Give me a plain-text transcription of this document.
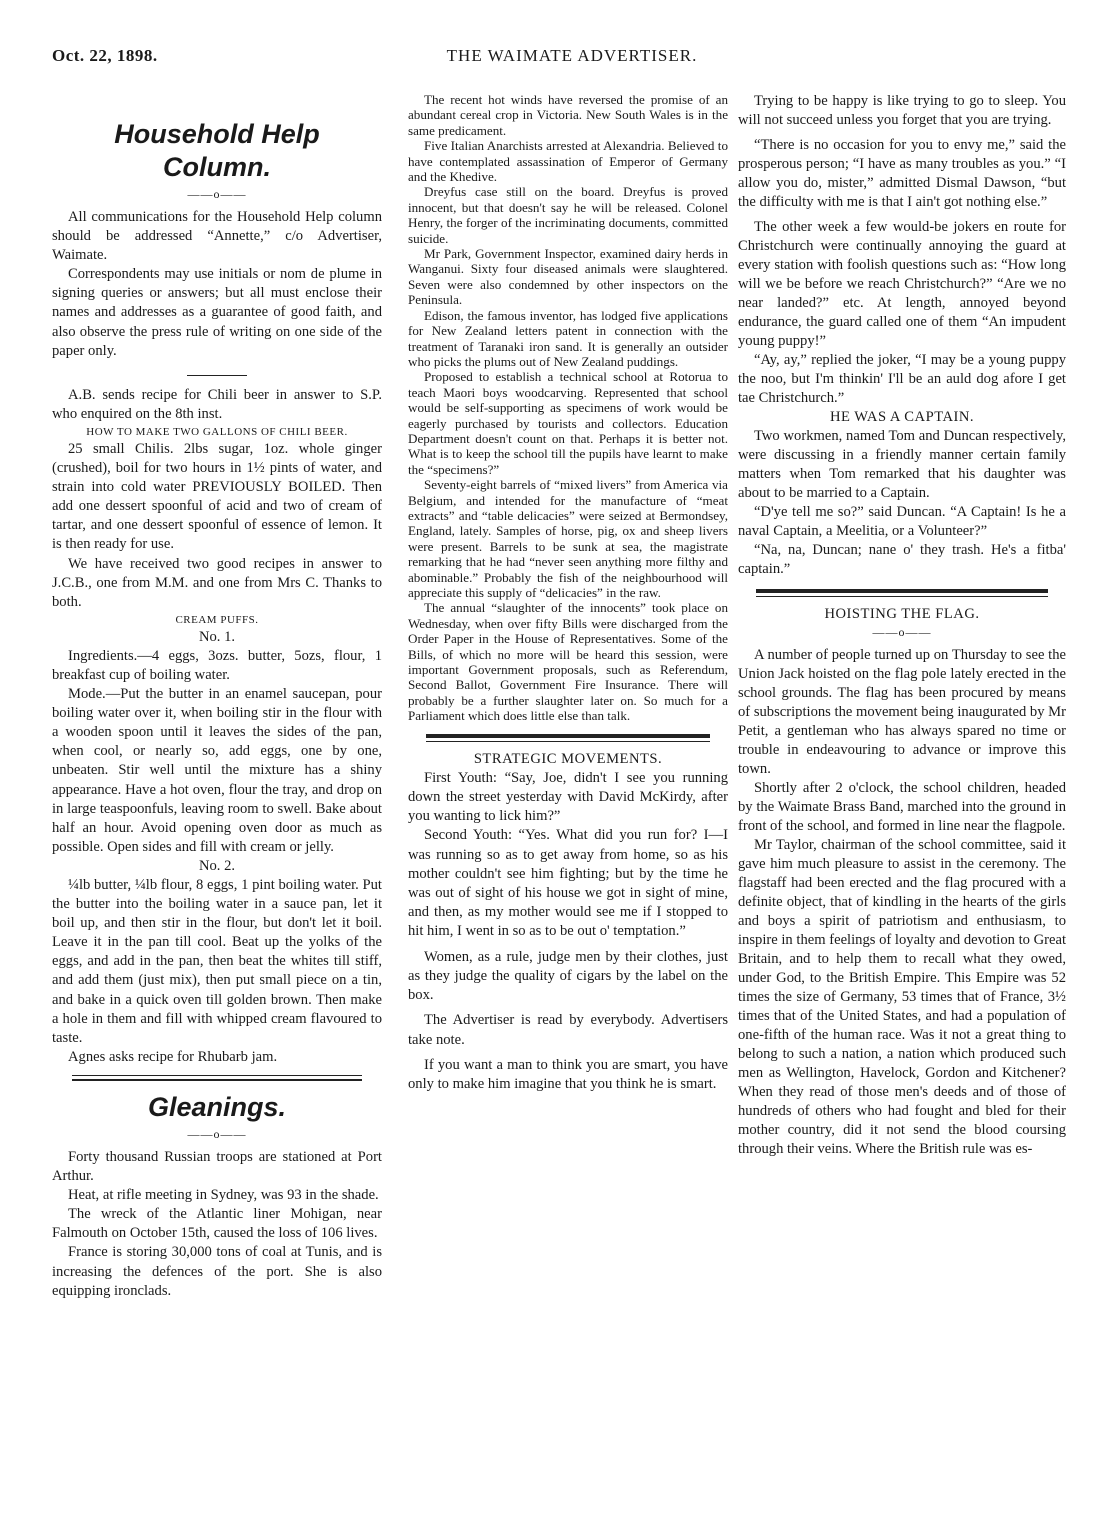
Oct. 22, 1898.	THE WAIMATE ADVERTISER.

Household Help

Column.

——o——

All communications for the Household Help column should be addressed “Annette,” c/o Advertiser, Waimate.

Correspondents may use initials or nom de plume in signing queries or answers; but all must enclose their names and addresses as a guarantee of good faith, and also observe the press rule of writing on one side of the paper only.

A.B. sends recipe for Chili beer in answer to S.P. who enquired on the 8th inst.

HOW TO MAKE TWO GALLONS OF CHILI BEER.

25 small Chilis. 2lbs sugar, 1oz. whole ginger (crushed), boil for two hours in 1½ pints of water, and strain into cold water PREVIOUSLY BOILED. Then add one dessert spoonful of acid and two of cream of tartar, and one dessert spoonful of essence of lemon. It is then ready for use.

We have received two good recipes in answer to J.C.B., one from M.M. and one from Mrs C. Thanks to both.

CREAM PUFFS.

No. 1.

Ingredients.—4 eggs, 3ozs. butter, 5ozs, flour, 1 breakfast cup of boiling water.

Mode.—Put the butter in an enamel saucepan, pour boiling water over it, when boiling stir in the flour with a wooden spoon until it leaves the sides of the pan, when cool, or nearly so, add eggs, one by one, unbeaten. Stir well until the mixture has a shiny appearance. Have a hot oven, flour the tray, and drop on in large teaspoonfuls, leaving room to swell. Bake about half an hour. Avoid opening oven door as much as possible. Open sides and fill with cream or jelly.

No. 2.

¼lb butter, ¼lb flour, 8 eggs, 1 pint boiling water. Put the butter into the boiling water in a sauce pan, let it boil up, and then stir in the flour, but don't let it boil. Leave it in the pan till cool. Beat up the yolks of the eggs, and add in the pan, then beat the whites till stiff, and add them (just mix), then put small piece on a tin, and bake in a quick oven till golden brown. Then make a hole in them and fill with whipped cream flavoured to taste.

Agnes asks recipe for Rhubarb jam.

Gleanings.

——o——

Forty thousand Russian troops are stationed at Port Arthur.

Heat, at rifle meeting in Sydney, was 93 in the shade.

The wreck of the Atlantic liner Mohigan, near Falmouth on October 15th, caused the loss of 106 lives.

France is storing 30,000 tons of coal at Tunis, and is increasing the defences of the port. She is also equipping ironclads.

The recent hot winds have reversed the promise of an abundant cereal crop in Victoria. New South Wales is in the same predicament.

Five Italian Anarchists arrested at Alexandria. Believed to have contemplated assassination of Emperor of Germany and the Khedive.

Dreyfus case still on the board. Dreyfus is proved innocent, but that doesn't say he will be released. Colonel Henry, the forger of the incriminating documents, committed suicide.

Mr Park, Government Inspector, examined dairy herds in Wanganui. Sixty four diseased animals were slaughtered. Seven were also condemned by other inspectors on the Peninsula.

Edison, the famous inventor, has lodged five applications for New Zealand letters patent in connection with the treatment of Taranaki iron sand. It is generally an outsider who picks the plums out of New Zealand puddings.

Proposed to establish a technical school at Rotorua to teach Maori boys woodcarving. Represented that school would be self-supporting as specimens of work would be eagerly purchased by tourists and collectors. Education Department doesn't count on that. Perhaps it is better not. What is to keep the school till the pupils have learnt to make the “specimens?”

Seventy-eight barrels of “mixed livers” from America via Belgium, and intended for the manufacture of “meat extracts” and “table delicacies” were seized at Bermondsey, England, lately. Samples of horse, pig, ox and sheep livers were present. Barrels to be sunk at sea, the magistrate remarking that he had “never seen anything more filthy and abominable.” Probably the fish of the neighbourhood will appreciate this supply of “delicacies” in the raw.

The annual “slaughter of the innocents” took place on Wednesday, when over fifty Bills were discharged from the Order Paper in the House of Representatives. Some of the Bills, of which no more will be heard this session, were important Government proposals, such as Referendum, Second Ballot, Government Fire Insurance. There will probably be a further slaughter later on. So much for a Parliament which does little else than talk.

STRATEGIC MOVEMENTS.

First Youth: “Say, Joe, didn't I see you running down the street yesterday with David McKirdy, after you wanting to lick him?”

Second Youth: “Yes. What did you run for? I—I was running so as to get away from home, so as his mother couldn't see him fighting; but by the time he was out of sight of his house we got in sight of mine, and then, as my mother would see me if I stopped to hit him, I went in so as to be out o' temptation.”

Women, as a rule, judge men by their clothes, just as they judge the quality of cigars by the label on the box.

The Advertiser is read by everybody. Advertisers take note.

If you want a man to think you are smart, you have only to make him imagine that you think he is smart.

Trying to be happy is like trying to go to sleep. You will not succeed unless you forget that you are trying.

“There is no occasion for you to envy me,” said the prosperous person; “I have as many troubles as you.” “I allow you do, mister,” admitted Dismal Dawson, “but the difficulty with me is that I ain't got nothing else.”

The other week a few would-be jokers en route for Christchurch were continually annoying the guard at every station with foolish questions such as: “How long will we be before we reach Christchurch?” “Are we no near landed?” etc. At length, annoyed beyond endurance, the guard called one of them “An impudent young puppy!”

“Ay, ay,” replied the joker, “I may be a young puppy the noo, but I'm thinkin' I'll be an auld dog afore I get tae Christchurch.”

HE WAS A CAPTAIN.

Two workmen, named Tom and Duncan respectively, were discussing in a friendly manner certain family matters when Tom remarked that his daughter was about to be married to a Captain.

“D'ye tell me so?” said Duncan. “A Captain! Is he a naval Captain, a Meelitia, or a Volunteer?”

“Na, na, Duncan; nane o' they trash. He's a fitba' captain.”

HOISTING THE FLAG.

——o——

A number of people turned up on Thursday to see the Union Jack hoisted on the flag pole lately erected in the school grounds. The flag has been procured by means of subscriptions the movement being inaugurated by Mr Petit, a gentleman who has always spared no time or trouble in endeavouring to advance or improve this town.

Shortly after 2 o'clock, the school children, headed by the Waimate Brass Band, marched into the ground in front of the school, and formed in line near the flagpole.

Mr Taylor, chairman of the school committee, said it gave him much pleasure to assist in the ceremony. The flagstaff had been erected and the flag procured with a definite object, that of kindling in the hearts of the girls and boys a spirit of patriotism and enthusiasm, to inspire in them feelings of loyalty and devotion to Great Britain, and to help them to recall what they owed, under God, to the British Empire. This Empire was 52 times the size of Germany, 53 times that of France, 3½ times that of the United States, and had a population of one-fifth of the human race. Was it not a great thing to belong to such a nation, a nation which produced such men as Wellington, Havelock, Gordon and Kitchener? When they read of those men's deeds and of those of hundreds of others who had fought and bled for their mother country, did it not send the blood coursing through their veins. Where the British rule was es-
